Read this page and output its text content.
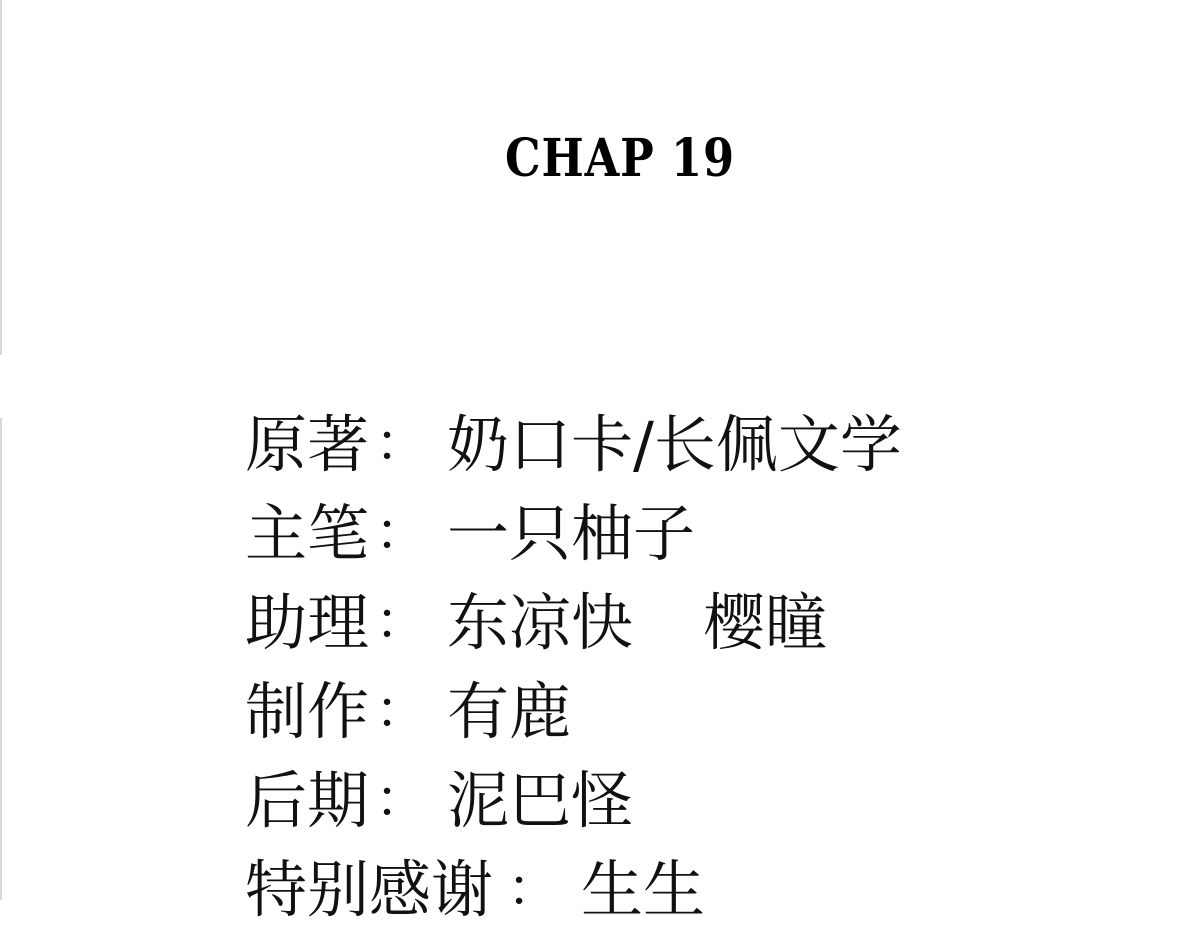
CHAP 19
原著 ： 奶口卡/长佩文学
主笔 ： 一只柚子
助理 ： 东凉快 樱瞳
制作 ： 有鹿
后期 ： 泥巴怪
特别感谢 ： 生生
